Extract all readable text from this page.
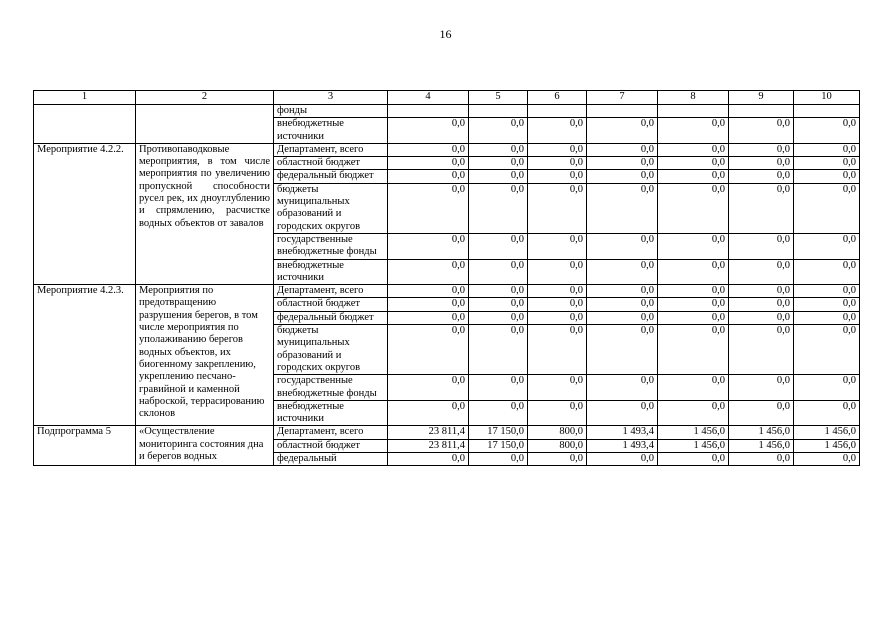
16
1	2	3	4	5	6	7	8	9	10
		фонды							
		внебюджетные источники	0,0	0,0	0,0	0,0	0,0	0,0	0,0
Мероприятие 4.2.2.	Противопаводковые мероприятия, в том числе мероприятия по увеличению пропускной способности русел рек, их дноуглублению и спрямлению, расчистке водных объектов от завалов	Департамент, всего	0,0	0,0	0,0	0,0	0,0	0,0	0,0
		областной бюджет	0,0	0,0	0,0	0,0	0,0	0,0	0,0
		федеральный бюджет	0,0	0,0	0,0	0,0	0,0	0,0	0,0
		бюджеты муниципальных образований и городских округов	0,0	0,0	0,0	0,0	0,0	0,0	0,0
		государственные внебюджетные фонды	0,0	0,0	0,0	0,0	0,0	0,0	0,0
		внебюджетные источники	0,0	0,0	0,0	0,0	0,0	0,0	0,0
Мероприятие 4.2.3.	Мероприятия по предотвращению разрушения берегов, в том числе мероприятия по уполаживанию берегов водных объектов, их биогенному закреплению, укреплению песчано-гравийной и каменной наброской, террасированию склонов	Департамент, всего	0,0	0,0	0,0	0,0	0,0	0,0	0,0
		областной бюджет	0,0	0,0	0,0	0,0	0,0	0,0	0,0
		федеральный бюджет	0,0	0,0	0,0	0,0	0,0	0,0	0,0
		бюджеты муниципальных образований и городских округов	0,0	0,0	0,0	0,0	0,0	0,0	0,0
		государственные внебюджетные фонды	0,0	0,0	0,0	0,0	0,0	0,0	0,0
		внебюджетные источники	0,0	0,0	0,0	0,0	0,0	0,0	0,0
Подпрограмма 5	«Осуществление мониторинга состояния дна и берегов водных	Департамент, всего	23 811,4	17 150,0	800,0	1 493,4	1 456,0	1 456,0	1 456,0
		областной бюджет	23 811,4	17 150,0	800,0	1 493,4	1 456,0	1 456,0	1 456,0
		федеральный	0,0	0,0	0,0	0,0	0,0	0,0	0,0
